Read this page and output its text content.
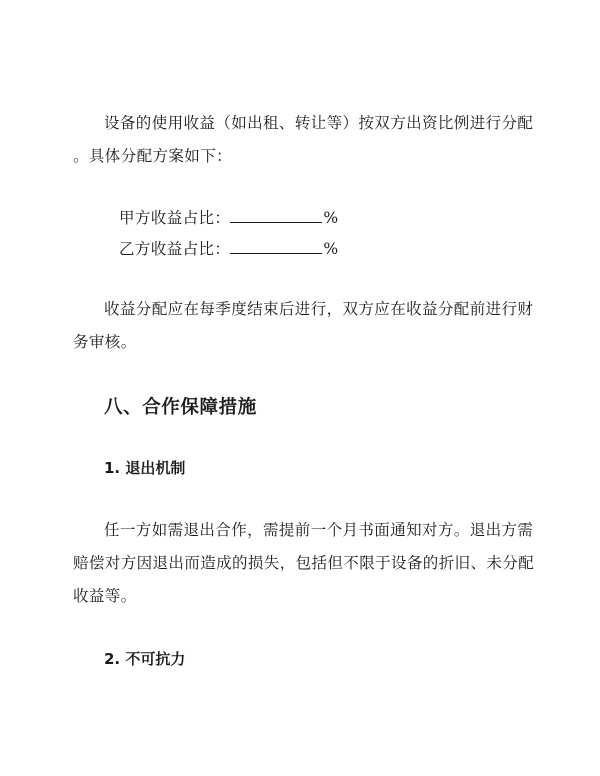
设备的使用收益（如出租、转让等）按双方出资比例进行分配
。具体分配方案如下：

甲方收益占比：	%
乙方收益占比：	%

收益分配应在每季度结束后进行，双方应在收益分配前进行财
务审核。

八、合作保障措施
1. 退出机制

任一方如需退出合作，需提前一个月书面通知对方。退出方需
赔偿对方因退出而造成的损失，包括但不限于设备的折旧、未分配
收益等。

2. 不可抗力
